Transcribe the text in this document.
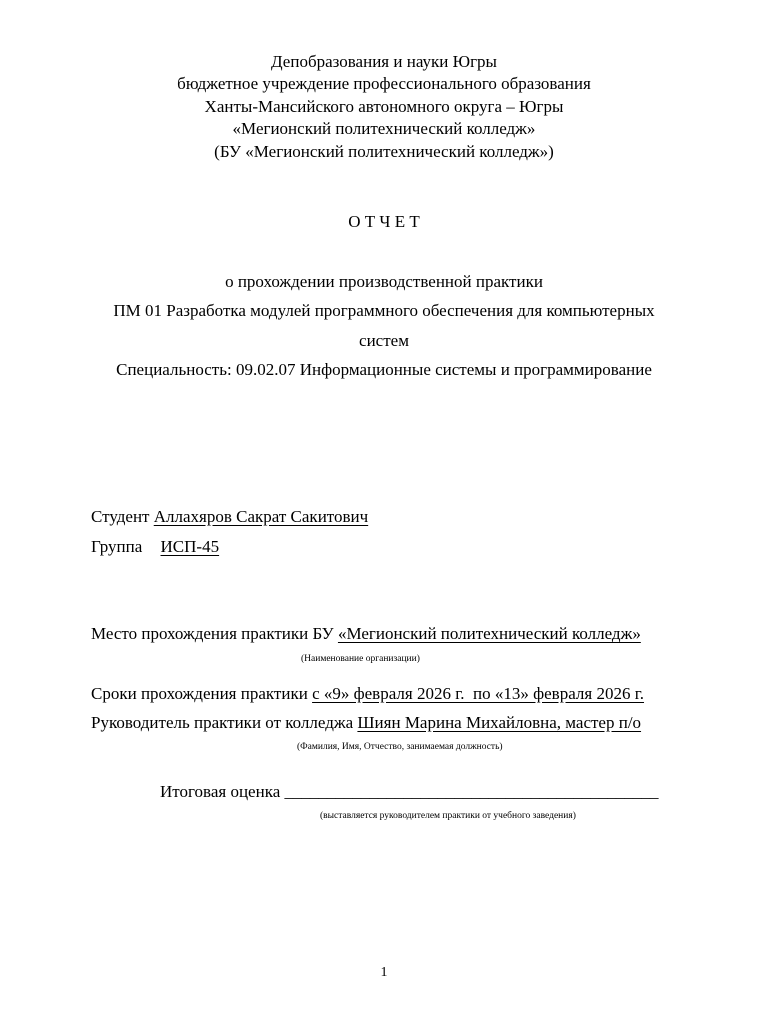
Депобразования и науки Югры
бюджетное учреждение профессионального образования
Ханты-Мансийского автономного округа – Югры
«Мегионский политехнический колледж»
(БУ «Мегионский политехнический колледж»)
О Т Ч Е Т
о прохождении производственной практики
ПМ 01 Разработка модулей программного обеспечения для компьютерных
систем
Специальность: 09.02.07 Информационные системы и программирование
Студент Аллахяров Сакрат Сакитович
Группа ИСП-45
Место прохождения практики БУ «Мегионский политехнический колледж»
(Наименование организации)
Сроки прохождения практики с «9» февраля 2026 г.  по «13» февраля 2026 г.
Руководитель практики от колледжа Шиян Марина Михайловна, мастер п/о
(Фамилия, Имя, Отчество, занимаемая должность)
Итоговая оценка ____________________________________________
(выставляется руководителем практики от учебного заведения)
1
